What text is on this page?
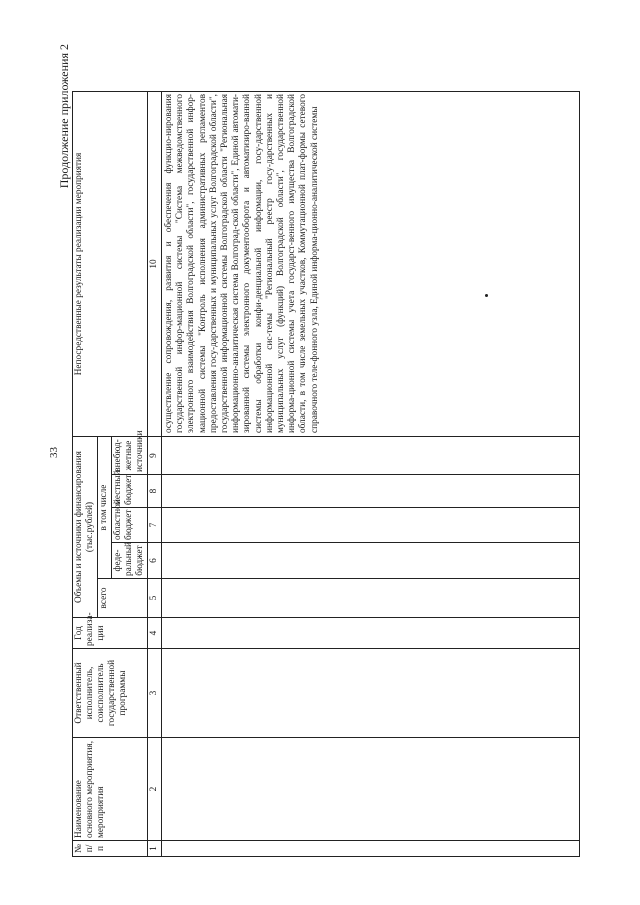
33
Продолжение приложения 2
№ п/п	Наименование основного мероприятия, мероприятия	Ответственный исполнитель, соисполнитель государственной программы	Год реализа-ции	Объемы и источники финансирования (тыс.рублей)					Непосредственные результаты реализации мероприятия
				всего	в том числе				
					феде-ральный бюджет	областной бюджет	местный бюджет	внебюд-жетные источники	
1	2	3	4	5	6	7	8	9	10
									осуществление сопровождения, развития и обеспечения функцио-нирования государственной инфор-мационной системы "Система межведомственного электронного взаимодействия Волгоградской области", государственной инфор-мационной системы "Контроль исполнения административных регламентов предоставления госу-дарственных и муниципальных услуг Волгоградской области", государственной информационной системы Волгоградской области "Региональная информационно-аналитическая система Волгоград-ской области", Единой автомати-зированной системы электронного документооборота и автоматизиро-ванной системы обработки конфи-денциальной информации, госу-дарственной информационной сис-темы "Региональный реестр госу-дарственных и муниципальных услуг (функций) Волгоградской области", государственной информа-ционной системы учета государст-венного имущества Волгоградской области, в том числе земельных участков, Коммутационной плат-формы сетевого справочного теле-фонного узла, Единой информа-ционно-аналитической системы
